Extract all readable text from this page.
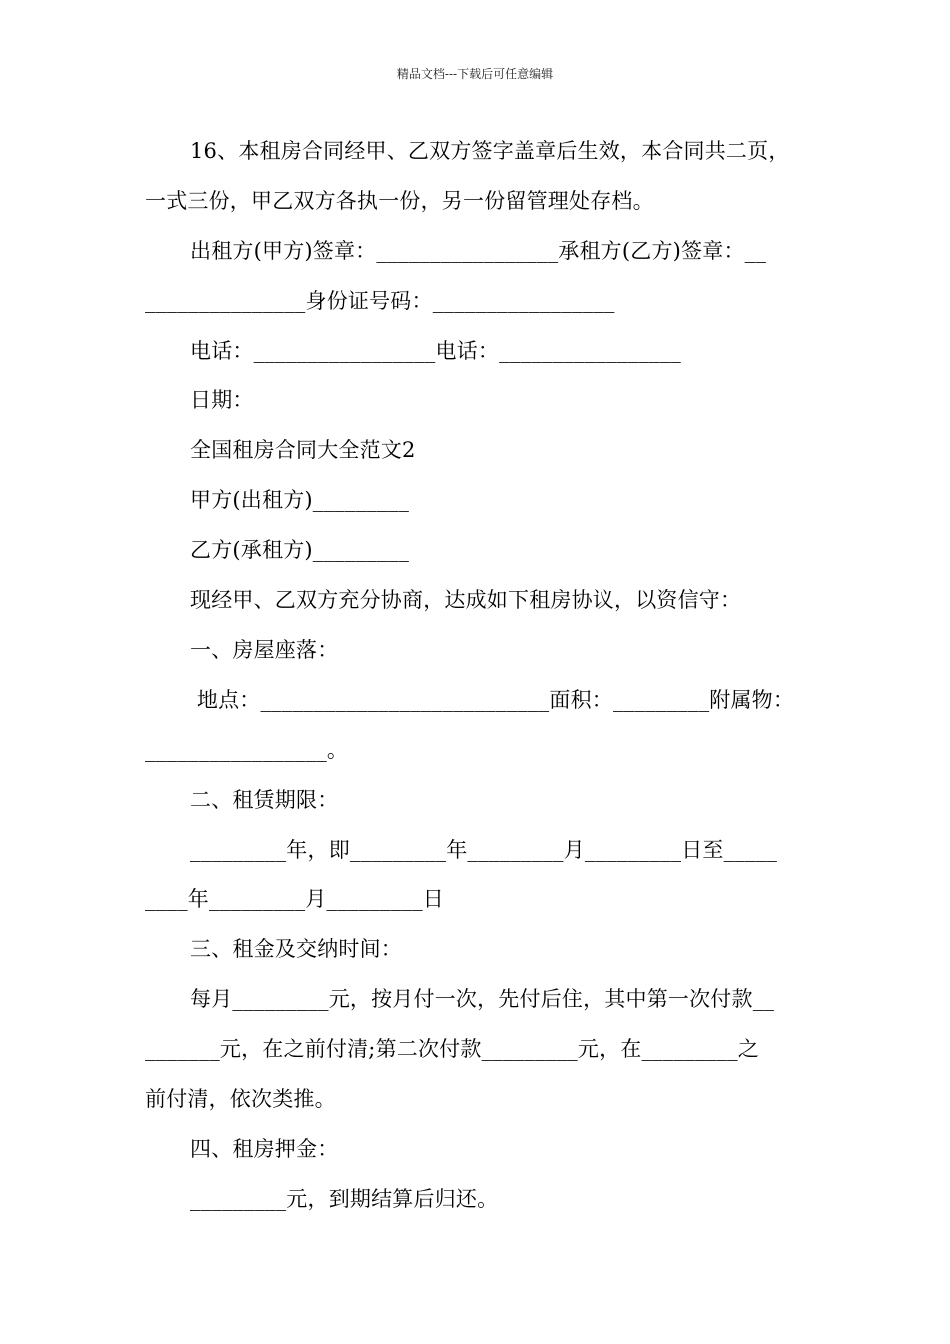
精品文档---下载后可任意编辑
16、本租房合同经甲、乙双方签字盖章后生效，本合同共二页，
一式三份，甲乙双方各执一份，另一份留管理处存档。
出租方(甲方)签章：_________________承租方(乙方)签章：__
_______________身份证号码：_________________
电话：_________________电话：_________________
日期：
全国租房合同大全范文2
甲方(出租方)_________
乙方(承租方)_________
现经甲、乙双方充分协商，达成如下租房协议，以资信守：
一、房屋座落：
地点：___________________________面积：_________附属物：
_________________。
二、租赁期限：
_________年，即_________年_________月_________日至_____
____年_________月_________日
三、租金及交纳时间：
每月_________元，按月付一次，先付后住，其中第一次付款__
_______元，在之前付清;第二次付款_________元，在_________之
前付清，依次类推。
四、租房押金：
_________元，到期结算后归还。
